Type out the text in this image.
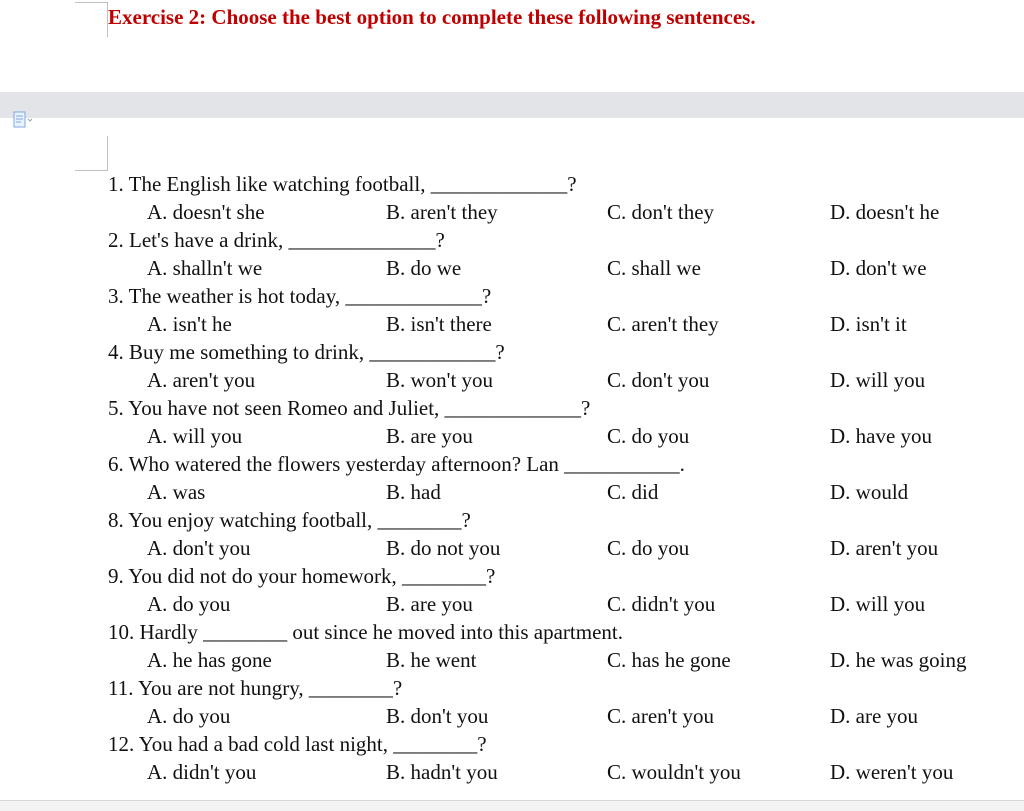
Exercise 2: Choose the best option to complete these following sentences.
1. The English like watching football, _____________?
A. doesn't she	B. aren't they	C. don't they	D. doesn't he
2. Let's have a drink, ______________?
A. shalln't we	B. do we	C. shall we	D. don't we
3. The weather is hot today, _____________?
A. isn't he	B. isn't there	C. aren't they	D. isn't it
4. Buy me something to drink, ____________?
A. aren't you	B. won't you	C. don't you	D. will you
5. You have not seen Romeo and Juliet, _____________?
A. will you	B. are you	C. do you	D. have you
6. Who watered the flowers yesterday afternoon? Lan ___________.
A. was	B. had	C. did	D. would
8. You enjoy watching football, ________?
A. don't you	B. do not you	C. do you	D. aren't you
9. You did not do your homework, ________?
A. do you	B. are you	C. didn't you	D. will you
10. Hardly ________ out since he moved into this apartment.
A. he has gone	B. he went	C. has he gone	D. he was going
11. You are not hungry, ________?
A. do you	B. don't you	C. aren't you	D. are you
12. You had a bad cold last night, ________?
A. didn't you	B. hadn't you	C. wouldn't you	D. weren't you
